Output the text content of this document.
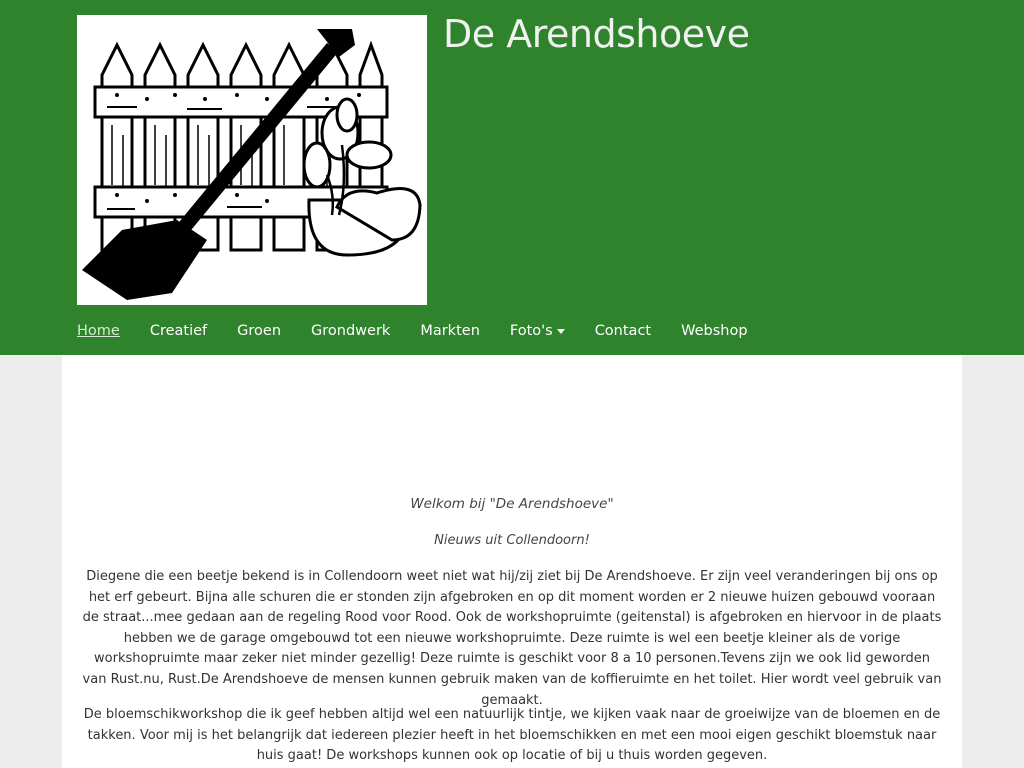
De Arendshoeve
Home Creatief Groen Grondwerk Markten Foto's	Contact Webshop

Welkom bij "De Arendshoeve"

Nieuws uit Collendoorn!

Diegene die een beetje bekend is in Collendoorn weet niet wat hij/zij ziet bij De Arendshoeve. Er zijn veel veranderingen bij ons op het erf gebeurt. Bijna alle schuren die er stonden zijn afgebroken en op dit moment worden er 2 nieuwe huizen gebouwd vooraan de straat...mee gedaan aan de regeling Rood voor Rood. Ook de workshopruimte (geitenstal) is afgebroken en hiervoor in de plaats hebben we de garage omgebouwd tot een nieuwe workshopruimte. Deze ruimte is wel een beetje kleiner als de vorige workshopruimte maar zeker niet minder gezellig! Deze ruimte is geschikt voor 8 a 10 personen.Tevens zijn we ook lid geworden van Rust.nu, Rust.De Arendshoeve de mensen kunnen gebruik maken van de koffieruimte en het toilet. Hier wordt veel gebruik van gemaakt.

De bloemschikworkshop die ik geef hebben altijd wel een natuurlijk tintje, we kijken vaak naar de groeiwijze van de bloemen en de takken. Voor mij is het belangrijk dat iedereen plezier heeft in het bloemschikken en met een mooi eigen geschikt bloemstuk naar huis gaat! De workshops kunnen ook op locatie of bij u thuis worden gegeven.
